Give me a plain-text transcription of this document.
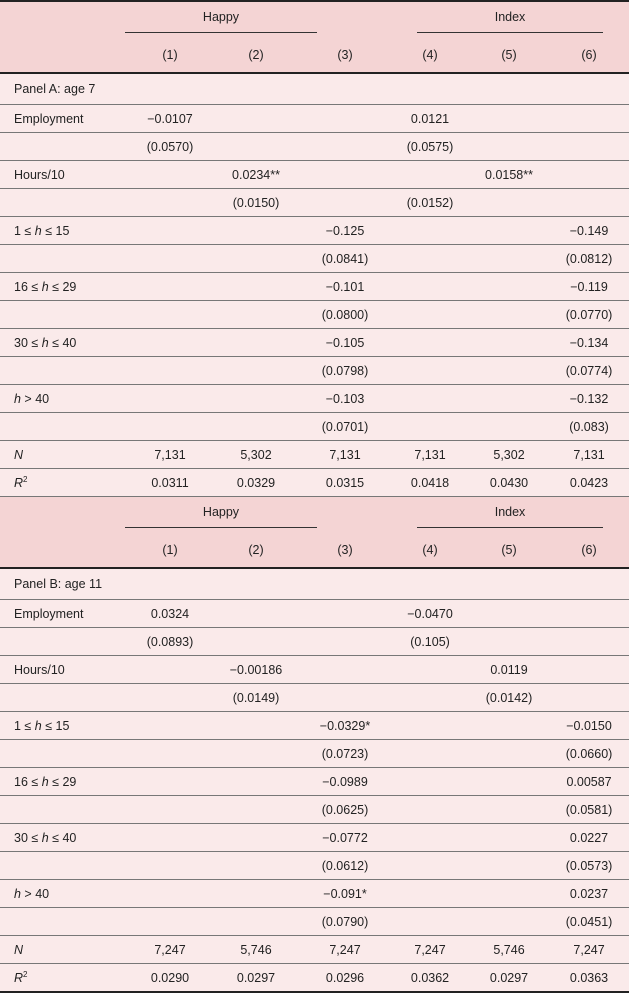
	Happy			Index		

	(1)	(2)	(3)	(4)	(5)	(6)
Panel A: age 7						
Employment	−0.0107			0.0121		
	(0.0570)			(0.0575)		
Hours/10		0.0234**			0.0158**	
		(0.0150)		(0.0152)		
1 ≤ h ≤ 15			−0.125			−0.149
			(0.0841)			(0.0812)
16 ≤ h ≤ 29			−0.101			−0.119
			(0.0800)			(0.0770)
30 ≤ h ≤ 40			−0.105			−0.134
			(0.0798)			(0.0774)
h > 40			−0.103			−0.132
			(0.0701)			(0.083)
N	7,131	5,302	7,131	7,131	5,302	7,131
$R^2$	0.0311	0.0329	0.0315	0.0418	0.0430	0.0423

	Happy			Index		

	(1)	(2)	(3)	(4)	(5)	(6)
Panel B: age 11						
Employment	0.0324			−0.0470		
	(0.0893)			(0.105)		
Hours/10		−0.00186			0.0119	
		(0.0149)			(0.0142)	
1 ≤ h ≤ 15			−0.0329*			−0.0150
			(0.0723)			(0.0660)
16 ≤ h ≤ 29			−0.0989			0.00587
			(0.0625)			(0.0581)
30 ≤ h ≤ 40			−0.0772			0.0227
			(0.0612)			(0.0573)
h > 40			−0.091*			0.0237
			(0.0790)			(0.0451)
N	7,247	5,746	7,247	7,247	5,746	7,247
$R^2$	0.0290	0.0297	0.0296	0.0362	0.0297	0.0363
